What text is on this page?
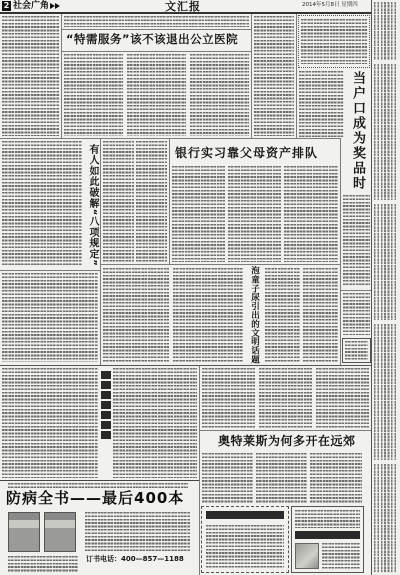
2 社会广角	文汇报	2014年5月8日 星期四
“特需服务”该不该退出公立医院
当户口成为奖品时
有人如此破解“八项规定”	银行实习靠父母资产排队
泡童子尿引出的文明话题
奥特莱斯为何多开在远郊
防病全书——最后400本
订书电话：400—857—1188
